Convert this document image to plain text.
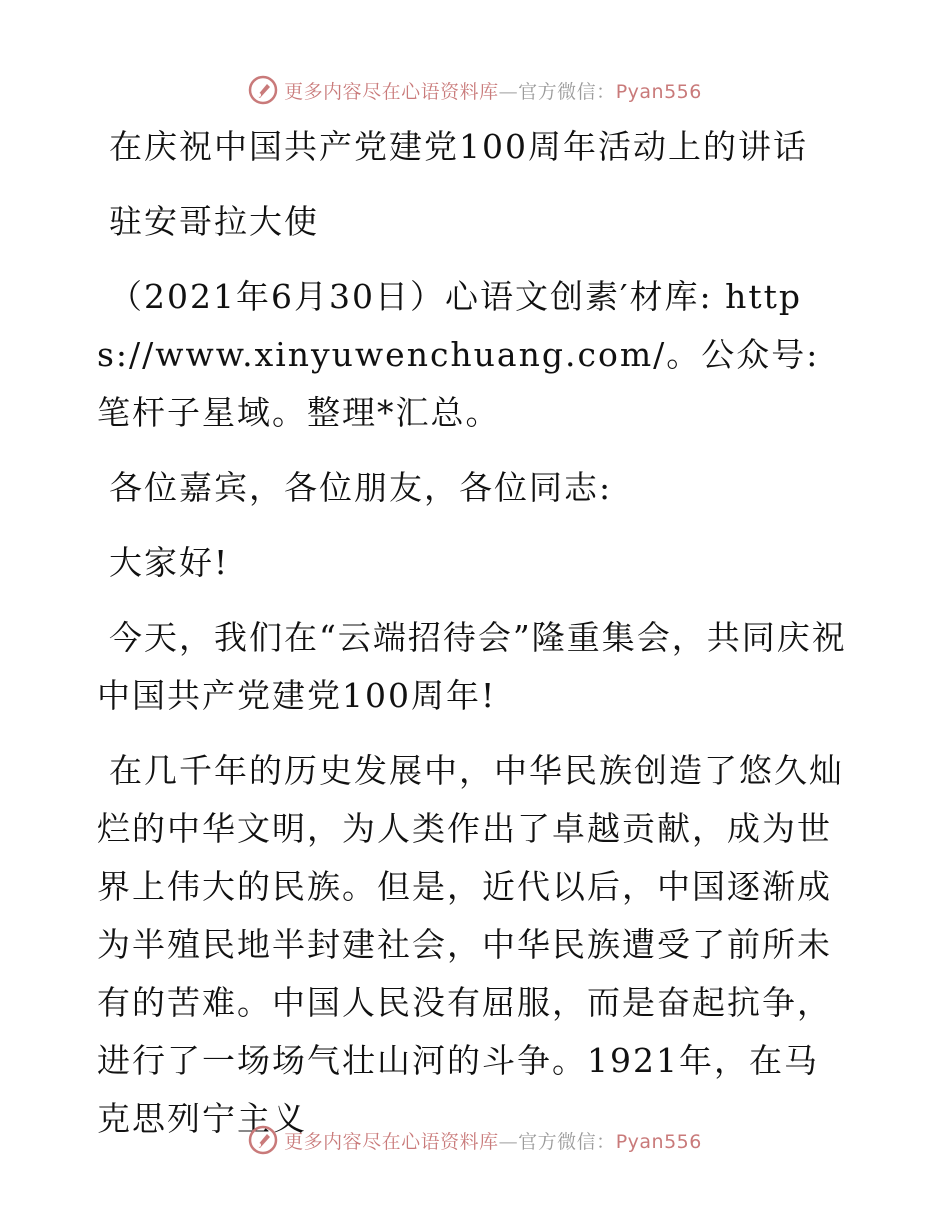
更多内容尽在心语资料库—官方微信：Pyan556

在庆祝中国共产党建党100周年活动上的讲话

驻安哥拉大使

（2021年6月30日）心语文创素′材库: https://www.xinyuwenchuang.com/。公众号: 笔杆子星域。整理*汇总。

各位嘉宾，各位朋友，各位同志:

大家好!

今天，我们在“云端招待会”隆重集会，共同庆祝中国共产党建党100周年!

在几千年的历史发展中，中华民族创造了悠久灿烂的中华文明，为人类作出了卓越贡献，成为世界上伟大的民族。但是，近代以后，中国逐渐成为半殖民地半封建社会，中华民族遭受了前所未有的苦难。中国人民没有屈服，而是奋起抗争，进行了一场场气壮山河的斗争。1921年，在马克思列宁主义

更多内容尽在心语资料库—官方微信：Pyan556
